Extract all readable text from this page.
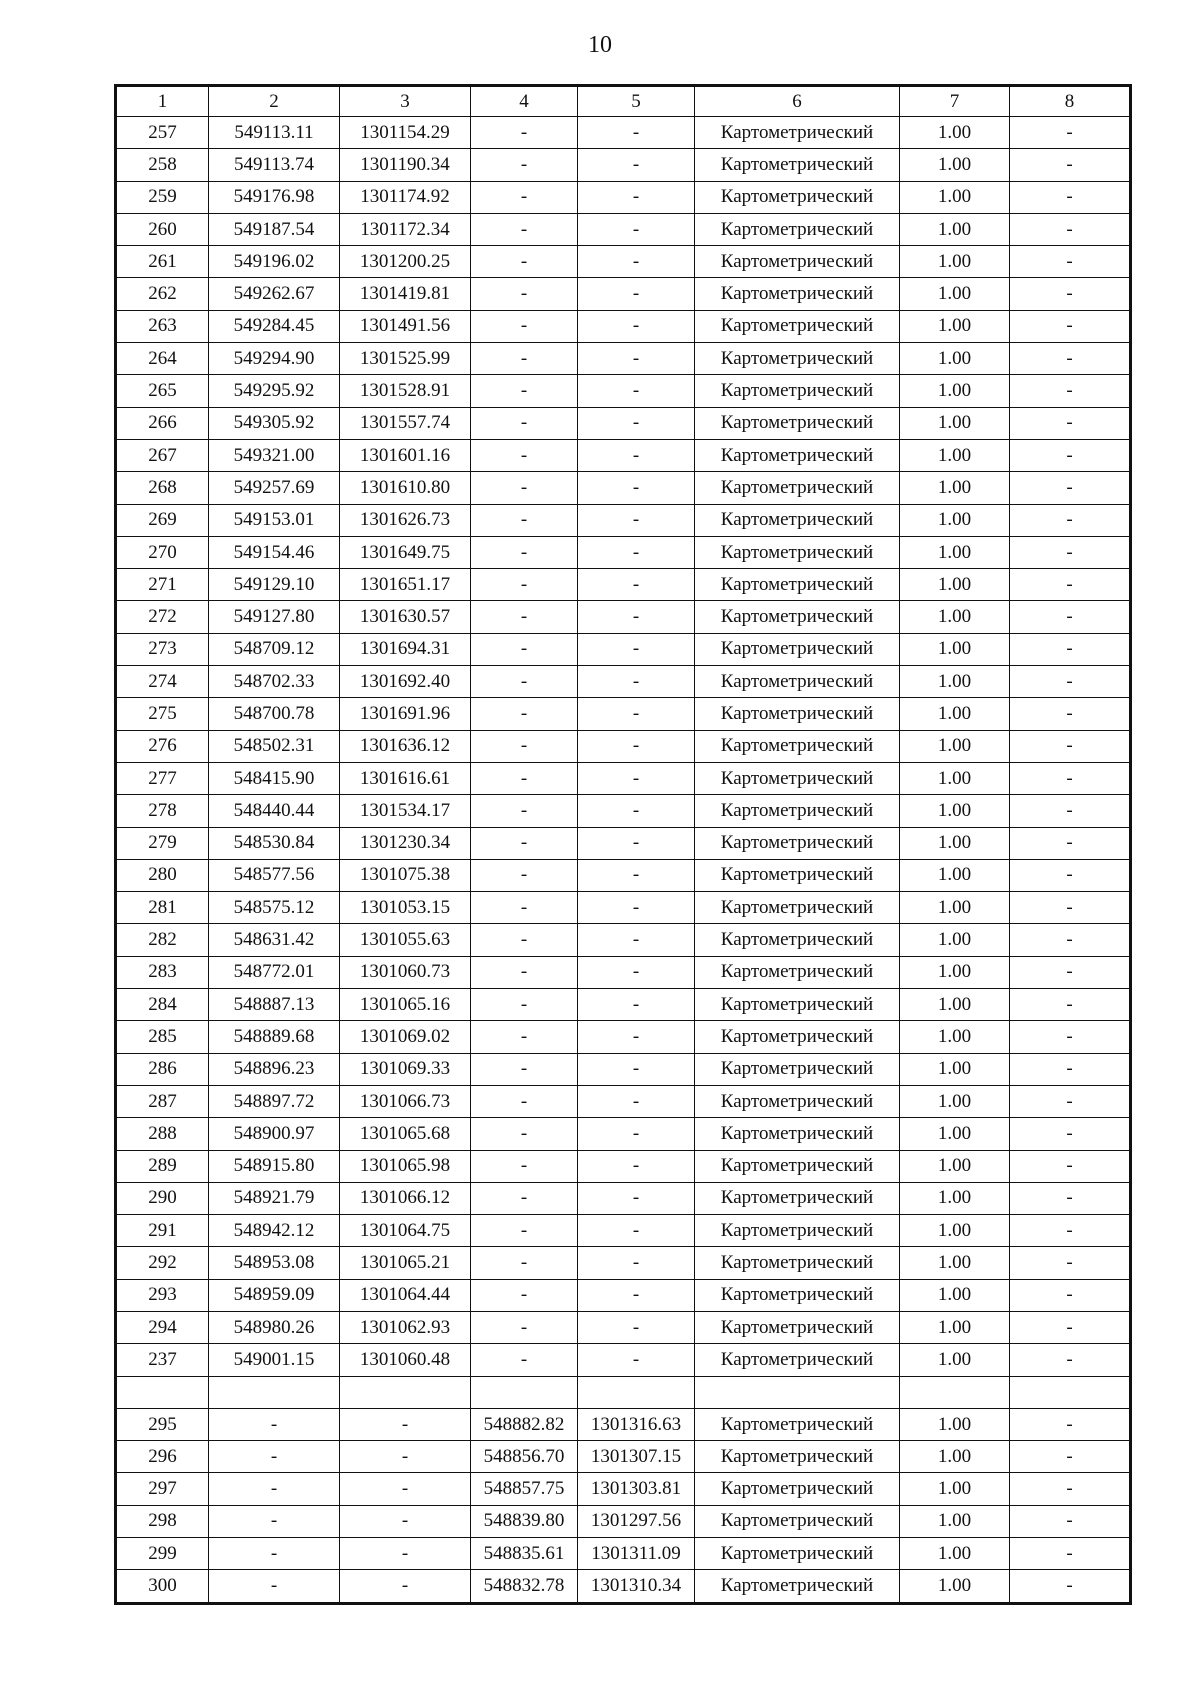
10
1	2	3	4	5	6	7	8
257	549113.11	1301154.29	-	-	Картометрический	1.00	-
258	549113.74	1301190.34	-	-	Картометрический	1.00	-
259	549176.98	1301174.92	-	-	Картометрический	1.00	-
260	549187.54	1301172.34	-	-	Картометрический	1.00	-
261	549196.02	1301200.25	-	-	Картометрический	1.00	-
262	549262.67	1301419.81	-	-	Картометрический	1.00	-
263	549284.45	1301491.56	-	-	Картометрический	1.00	-
264	549294.90	1301525.99	-	-	Картометрический	1.00	-
265	549295.92	1301528.91	-	-	Картометрический	1.00	-
266	549305.92	1301557.74	-	-	Картометрический	1.00	-
267	549321.00	1301601.16	-	-	Картометрический	1.00	-
268	549257.69	1301610.80	-	-	Картометрический	1.00	-
269	549153.01	1301626.73	-	-	Картометрический	1.00	-
270	549154.46	1301649.75	-	-	Картометрический	1.00	-
271	549129.10	1301651.17	-	-	Картометрический	1.00	-
272	549127.80	1301630.57	-	-	Картометрический	1.00	-
273	548709.12	1301694.31	-	-	Картометрический	1.00	-
274	548702.33	1301692.40	-	-	Картометрический	1.00	-
275	548700.78	1301691.96	-	-	Картометрический	1.00	-
276	548502.31	1301636.12	-	-	Картометрический	1.00	-
277	548415.90	1301616.61	-	-	Картометрический	1.00	-
278	548440.44	1301534.17	-	-	Картометрический	1.00	-
279	548530.84	1301230.34	-	-	Картометрический	1.00	-
280	548577.56	1301075.38	-	-	Картометрический	1.00	-
281	548575.12	1301053.15	-	-	Картометрический	1.00	-
282	548631.42	1301055.63	-	-	Картометрический	1.00	-
283	548772.01	1301060.73	-	-	Картометрический	1.00	-
284	548887.13	1301065.16	-	-	Картометрический	1.00	-
285	548889.68	1301069.02	-	-	Картометрический	1.00	-
286	548896.23	1301069.33	-	-	Картометрический	1.00	-
287	548897.72	1301066.73	-	-	Картометрический	1.00	-
288	548900.97	1301065.68	-	-	Картометрический	1.00	-
289	548915.80	1301065.98	-	-	Картометрический	1.00	-
290	548921.79	1301066.12	-	-	Картометрический	1.00	-
291	548942.12	1301064.75	-	-	Картометрический	1.00	-
292	548953.08	1301065.21	-	-	Картометрический	1.00	-
293	548959.09	1301064.44	-	-	Картометрический	1.00	-
294	548980.26	1301062.93	-	-	Картометрический	1.00	-
237	549001.15	1301060.48	-	-	Картометрический	1.00	-

295	-	-	548882.82	1301316.63	Картометрический	1.00	-
296	-	-	548856.70	1301307.15	Картометрический	1.00	-
297	-	-	548857.75	1301303.81	Картометрический	1.00	-
298	-	-	548839.80	1301297.56	Картометрический	1.00	-
299	-	-	548835.61	1301311.09	Картометрический	1.00	-
300	-	-	548832.78	1301310.34	Картометрический	1.00	-
